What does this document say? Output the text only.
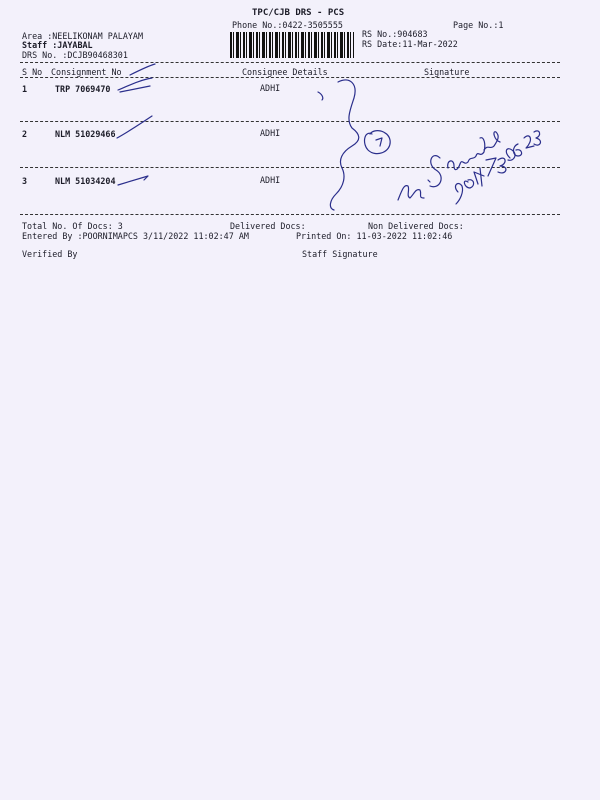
TPC/CJB DRS - PCS
Phone No.:0422-3505555	Page No.:1
Area :NEELIKONAM PALAYAM
Staff :JAYABAL
DRS No. :DCJB90468301
RS No.:904683
RS Date:11-Mar-2022
S No Consignment No	Consignee Details	Signature
1	TRP 7069470	ADHI
2	NLM 51029466	ADHI
3	NLM 51034204	ADHI
Total No. Of Docs: 3	Delivered Docs:	Non Delivered Docs:
Entered By :POORNIMAPCS 3/11/2022 11:02:47 AM	Printed On: 11-03-2022 11:02:46
Verified By	Staff Signature
